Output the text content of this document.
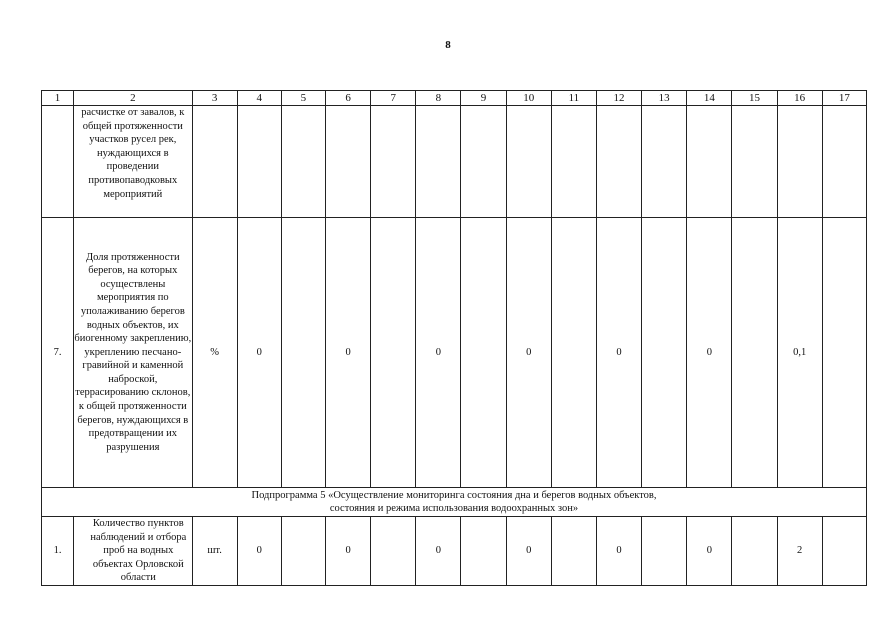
8
1	2	3	4	5	6	7	8	9	10	11	12	13	14	15	16	17
	расчистке от завалов, к общей протяженности участков русел рек, нуждающихся в проведении противопаводковых мероприятий															
7.	Доля протяженности берегов, на которых осуществлены мероприятия по уполаживанию берегов водных объектов, их биогенному закреплению, укреплению песчано-гравийной и каменной наброской, террасированию склонов, к общей протяженности берегов, нуждающихся в предотвращении их разрушения	%	0		0		0		0		0		0		0,1	

Подпрограмма 5 «Осуществление мониторинга состояния дна и берегов водных объектов,
состояния и режима использования водоохранных зон»																

1.	Количество пунктов наблюдений и отбора проб на водных объектах Орловской области	шт.	0		0		0		0		0		0		2	
